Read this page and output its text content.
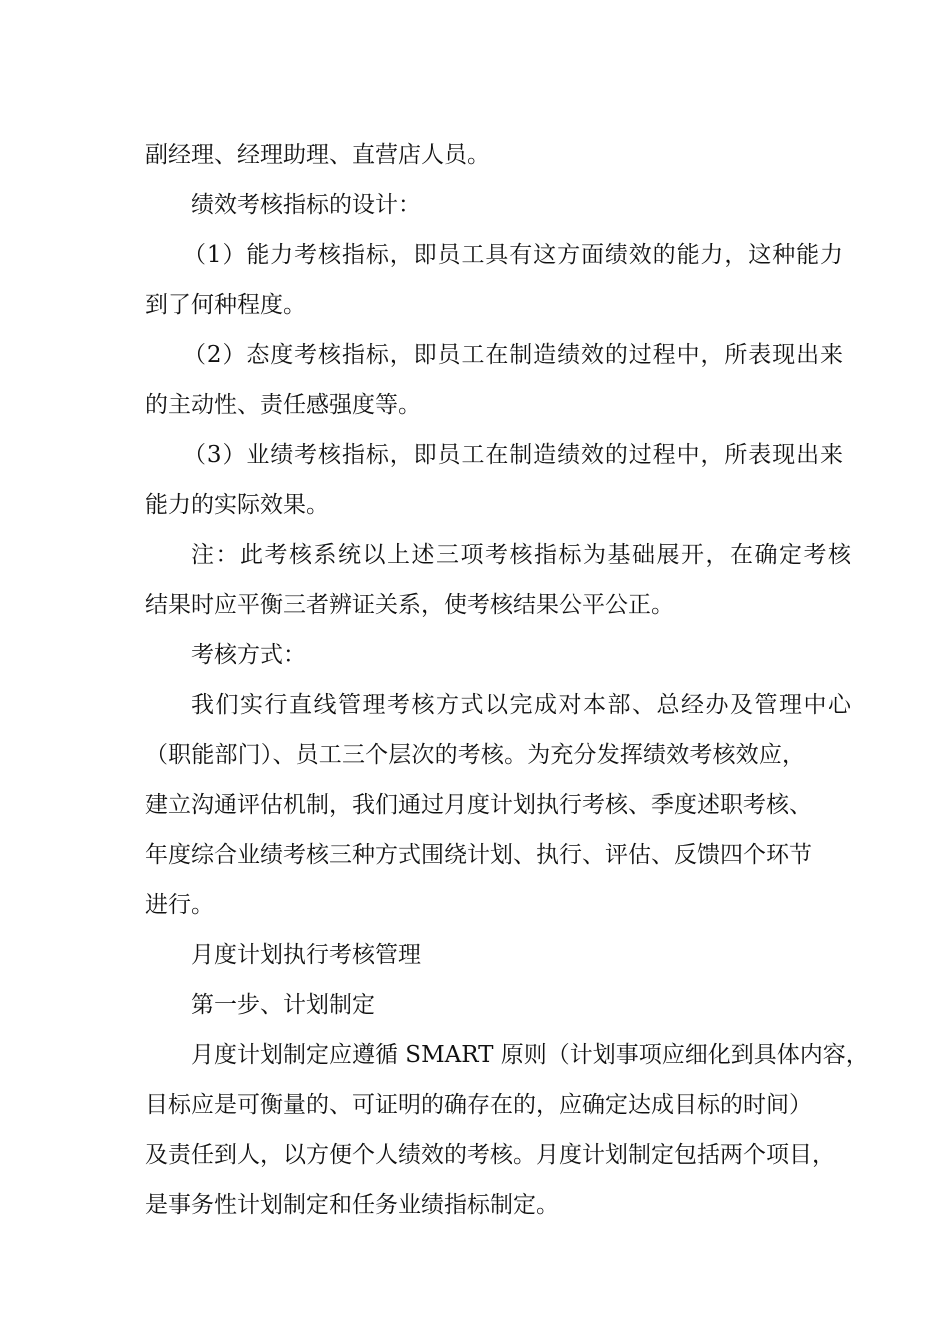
副经理、经理助理、直营店人员。
绩效考核指标的设计：
（1）能力考核指标，即员工具有这方面绩效的能力，这种能力
到了何种程度。
（2）态度考核指标，即员工在制造绩效的过程中，所表现出来
的主动性、责任感强度等。
（3）业绩考核指标，即员工在制造绩效的过程中，所表现出来
能力的实际效果。
注：此考核系统以上述三项考核指标为基础展开，在确定考核
结果时应平衡三者辨证关系，使考核结果公平公正。
考核方式：
我们实行直线管理考核方式以完成对本部、总经办及管理中心
（职能部门）、员工三个层次的考核。为充分发挥绩效考核效应，
建立沟通评估机制，我们通过月度计划执行考核、季度述职考核、
年度综合业绩考核三种方式围绕计划、执行、评估、反馈四个环节
进行。
月度计划执行考核管理
第一步、计划制定
月度计划制定应遵循 SMART 原则（计划事项应细化到具体内容，
目标应是可衡量的、可证明的确存在的，应确定达成目标的时间）
及责任到人，以方便个人绩效的考核。月度计划制定包括两个项目，
是事务性计划制定和任务业绩指标制定。
